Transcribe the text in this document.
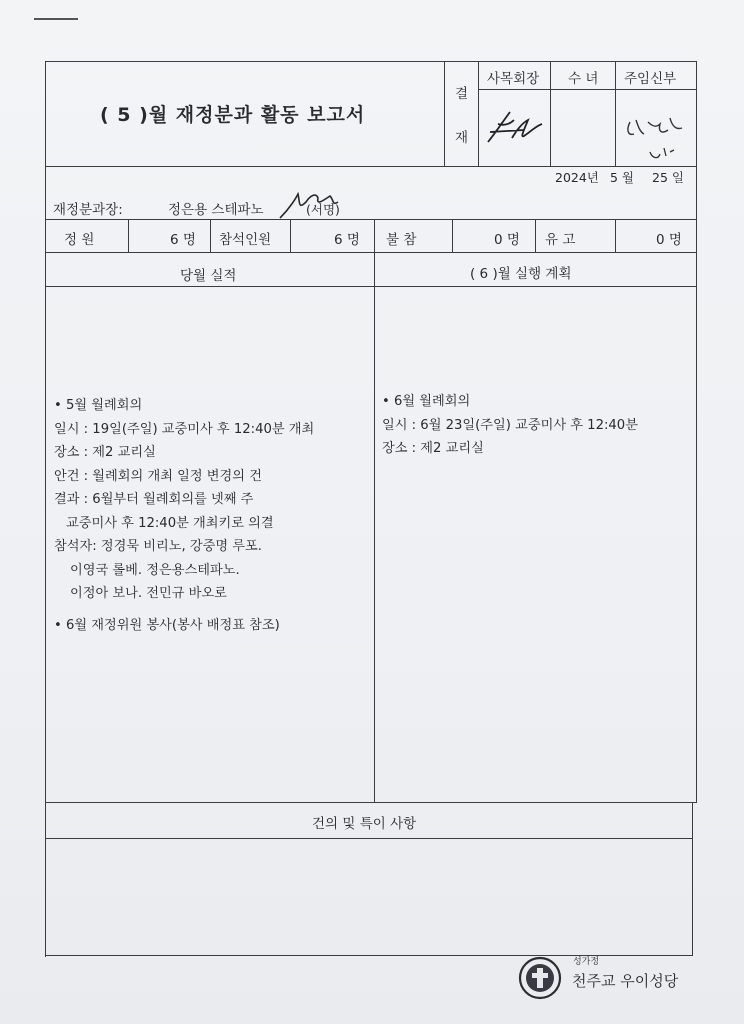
( 5 )월 재정분과 활동 보고서
결
재
사목회장 수 녀 주임신부
2024년 5 월 25 일
재정분과장:	정은용 스테파노	(서명)
정 원	6 명 참석인원	6 명 불 참	0 명 유 고	0 명
당월 실적	( 6 )월 실행 계획
• 5월 월례회의
일시 : 19일(주일) 교중미사 후 12:40분 개최
장소 : 제2 교리실
안건 : 월례회의 개최 일정 변경의 건
결과 : 6월부터 월례회의를 넷째 주
교중미사 후 12:40분 개최키로 의결
참석자: 정경묵 비리노, 강중명 루포.
이영국 롤베. 정은용스테파노.
이정아 보나. 전민규 바오로
• 6월 재정위원 봉사(봉사 배정표 참조)
• 6월 월례회의
일시 : 6월 23일(주일) 교중미사 후 12:40분
장소 : 제2 교리실
건의 및 특이 사항
성가정
천주교 우이성당
